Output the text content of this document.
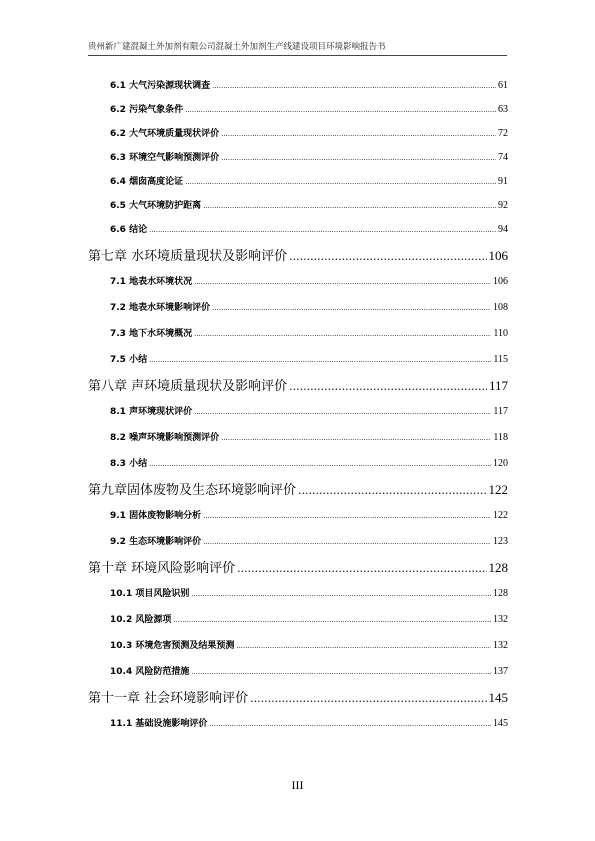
贵州新广建混凝土外加剂有限公司混凝土外加剂生产线建设项目环境影响报告书
6.1 大气污染源现状调查 .....	61
6.2 污染气象条件 .....	63
6.2 大气环境质量现状评价 .....	72
6.3 环境空气影响预测评价 .....	74
6.4 烟囱高度论证 .....	91
6.5 大气环境防护距离 .....	92
6.6 结论 .....	94
第七章 水环境质量现状及影响评价 .....	106
7.1 地表水环境状况 .....	106
7.2 地表水环境影响评价 .....	108
7.3 地下水环境概况 .....	110
7.5 小结 .....	115
第八章 声环境质量现状及影响评价 .....	117
8.1 声环境现状评价 .....	117
8.2 噪声环境影响预测评价 .....	118
8.3 小结 .....	120
第九章固体废物及生态环境影响评价 .....	122
9.1 固体废物影响分析 .....	122
9.2 生态环境影响评价 .....	123
第十章 环境风险影响评价 .....	128
10.1 项目风险识别 .....	128
10.2 风险源项 .....	132
10.3 环境危害预测及结果预测 .....	132
10.4 风险防范措施 .....	137
第十一章 社会环境影响评价 .....	145
11.1 基础设施影响评价 .....	145
III
